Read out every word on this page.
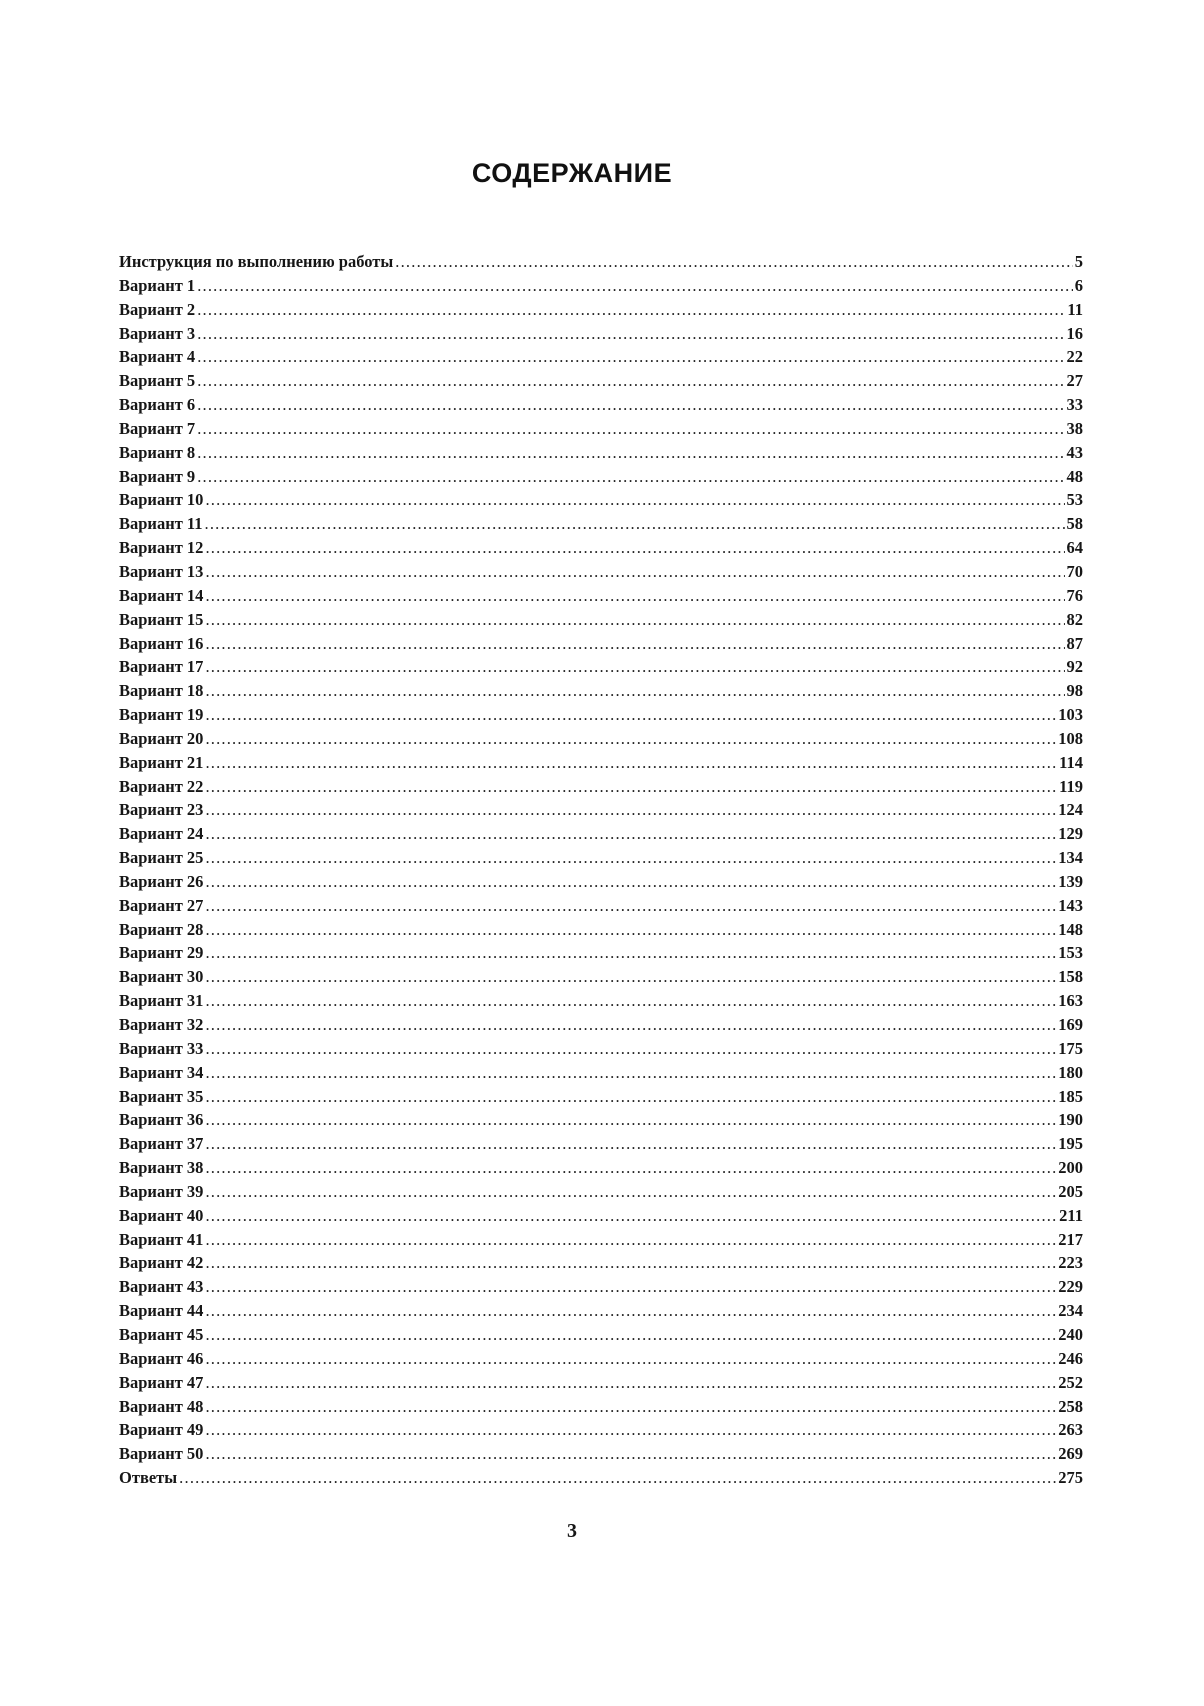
СОДЕРЖАНИЕ
Инструкция по выполнению работы .....	5
Вариант 1 .....	6
Вариант 2 .....	11
Вариант 3 .....	16
Вариант 4 .....	22
Вариант 5 .....	27
Вариант 6 .....	33
Вариант 7 .....	38
Вариант 8 .....	43
Вариант 9 .....	48
Вариант 10 .....	53
Вариант 11 .....	58
Вариант 12 .....	64
Вариант 13 .....	70
Вариант 14 .....	76
Вариант 15 .....	82
Вариант 16 .....	87
Вариант 17 .....	92
Вариант 18 .....	98
Вариант 19 .....	103
Вариант 20 .....	108
Вариант 21 .....	114
Вариант 22 .....	119
Вариант 23 .....	124
Вариант 24 .....	129
Вариант 25 .....	134
Вариант 26 .....	139
Вариант 27 .....	143
Вариант 28 .....	148
Вариант 29 .....	153
Вариант 30 .....	158
Вариант 31 .....	163
Вариант 32 .....	169
Вариант 33 .....	175
Вариант 34 .....	180
Вариант 35 .....	185
Вариант 36 .....	190
Вариант 37 .....	195
Вариант 38 .....	200
Вариант 39 .....	205
Вариант 40 .....	211
Вариант 41 .....	217
Вариант 42 .....	223
Вариант 43 .....	229
Вариант 44 .....	234
Вариант 45 .....	240
Вариант 46 .....	246
Вариант 47 .....	252
Вариант 48 .....	258
Вариант 49 .....	263
Вариант 50 .....	269
Ответы .....	275
3
